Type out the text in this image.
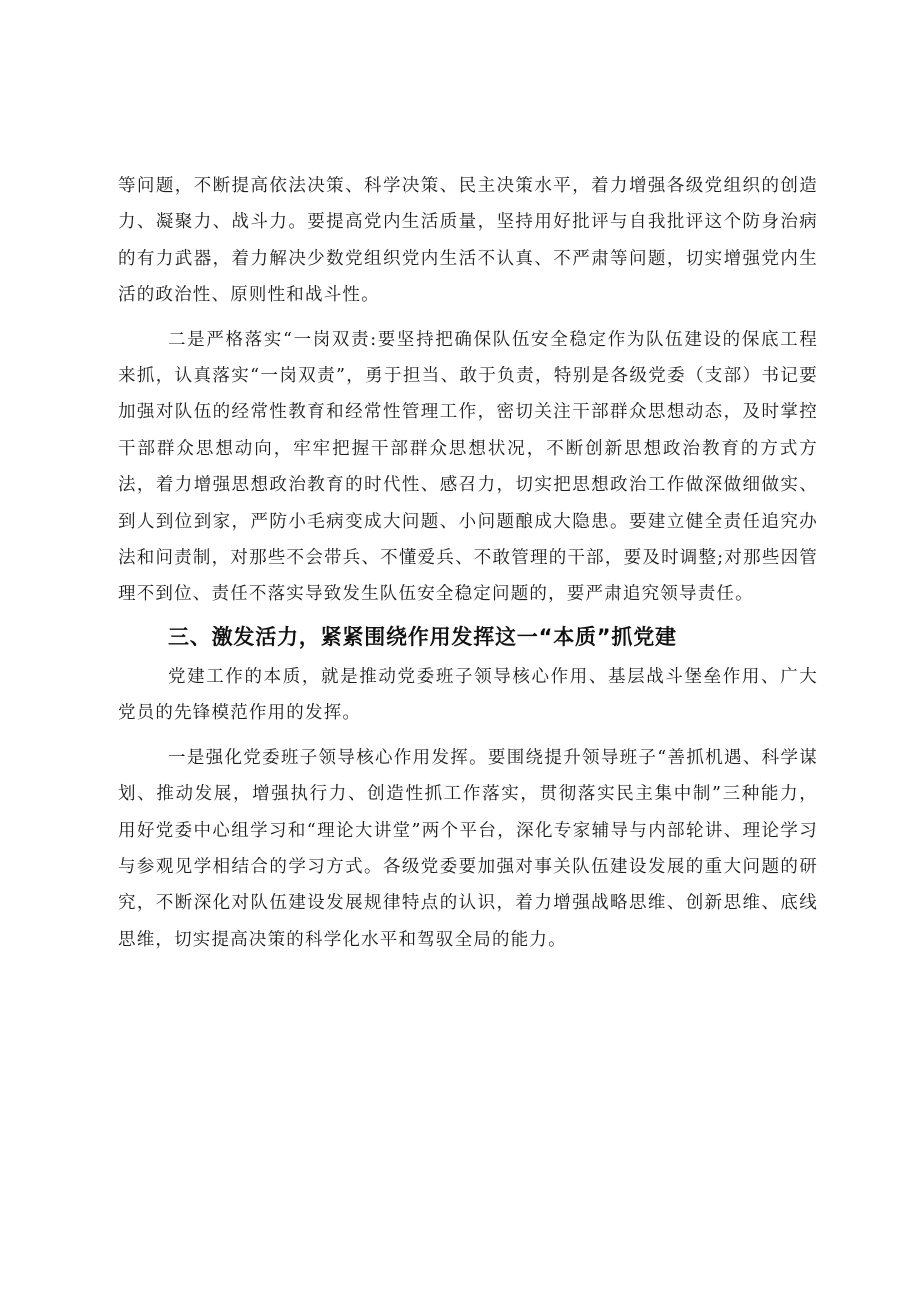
等问题，不断提高依法决策、科学决策、民主决策水平，着力增强各级党组织的创造力、凝聚力、战斗力。要提高党内生活质量，坚持用好批评与自我批评这个防身治病的有力武器，着力解决少数党组织党内生活不认真、不严肃等问题，切实增强党内生活的政治性、原则性和战斗性。

二是严格落实“一岗双责:要坚持把确保队伍安全稳定作为队伍建设的保底工程来抓，认真落实“一岗双责”，勇于担当、敢于负责，特别是各级党委（支部）书记要加强对队伍的经常性教育和经常性管理工作，密切关注干部群众思想动态，及时掌控干部群众思想动向，牢牢把握干部群众思想状况，不断创新思想政治教育的方式方法，着力增强思想政治教育的时代性、感召力，切实把思想政治工作做深做细做实、到人到位到家，严防小毛病变成大问题、小问题酿成大隐患。要建立健全责任追究办法和问责制，对那些不会带兵、不懂爱兵、不敢管理的干部，要及时调整;对那些因管理不到位、责任不落实导致发生队伍安全稳定问题的，要严肃追究领导责任。

三、激发活力，紧紧围绕作用发挥这一“本质”抓党建

党建工作的本质，就是推动党委班子领导核心作用、基层战斗堡垒作用、广大党员的先锋模范作用的发挥。

一是强化党委班子领导核心作用发挥。要围绕提升领导班子“善抓机遇、科学谋划、推动发展，增强执行力、创造性抓工作落实，贯彻落实民主集中制”三种能力，用好党委中心组学习和“理论大讲堂”两个平台，深化专家辅导与内部轮讲、理论学习与参观见学相结合的学习方式。各级党委要加强对事关队伍建设发展的重大问题的研究，不断深化对队伍建设发展规律特点的认识，着力增强战略思维、创新思维、底线思维，切实提高决策的科学化水平和驾驭全局的能力。
